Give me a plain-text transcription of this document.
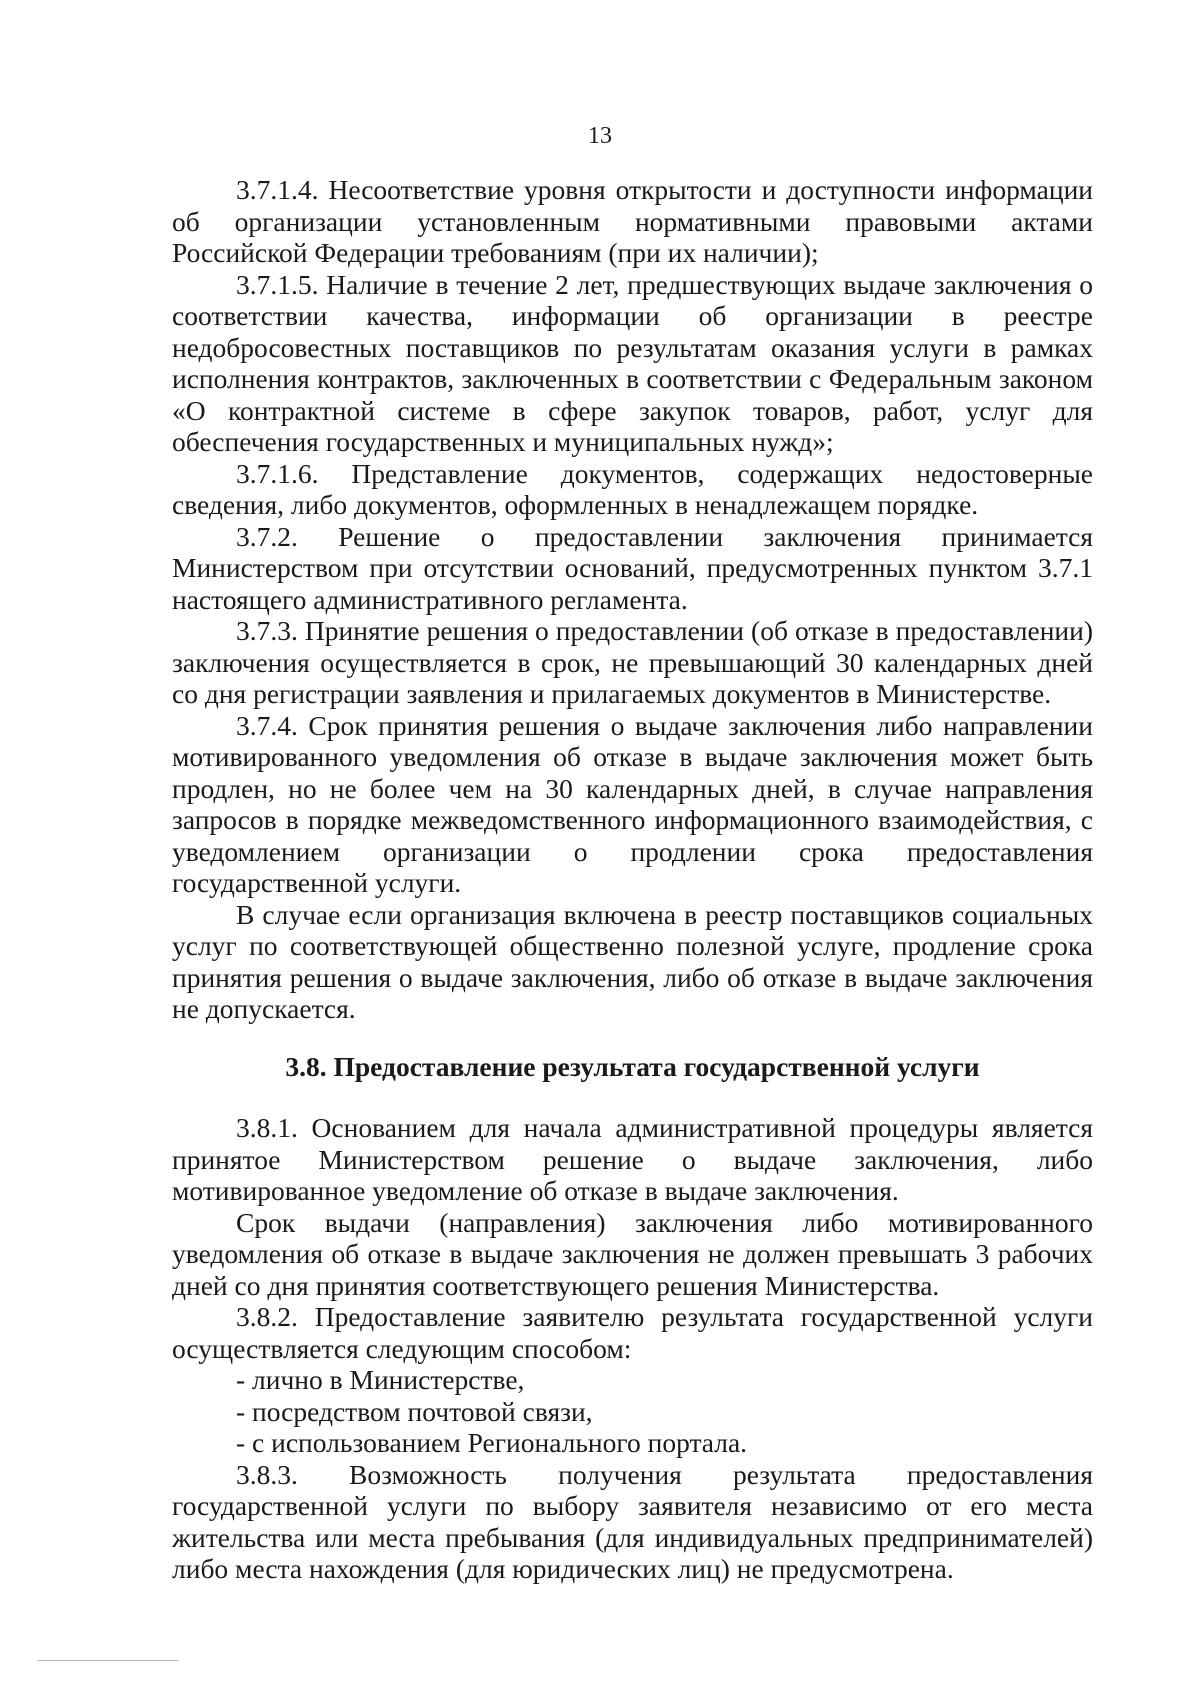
13

3.7.1.4. Несоответствие уровня открытости и доступности информации об организации установленным нормативными правовыми актами Российской Федерации требованиям (при их наличии);

3.7.1.5. Наличие в течение 2 лет, предшествующих выдаче заключения о соответствии качества, информации об организации в реестре недобросовестных поставщиков по результатам оказания услуги в рамках исполнения контрактов, заключенных в соответствии с Федеральным законом «О контрактной системе в сфере закупок товаров, работ, услуг для обеспечения государственных и муниципальных нужд»;

3.7.1.6. Представление документов, содержащих недостоверные сведения, либо документов, оформленных в ненадлежащем порядке.

3.7.2. Решение о предоставлении заключения принимается Министерством при отсутствии оснований, предусмотренных пунктом 3.7.1 настоящего административного регламента.

3.7.3. Принятие решения о предоставлении (об отказе в предоставлении) заключения осуществляется в срок, не превышающий 30 календарных дней со дня регистрации заявления и прилагаемых документов в Министерстве.

3.7.4. Срок принятия решения о выдаче заключения либо направлении мотивированного уведомления об отказе в выдаче заключения может быть продлен, но не более чем на 30 календарных дней, в случае направления запросов в порядке межведомственного информационного взаимодействия, с уведомлением организации о продлении срока предоставления государственной услуги.

В случае если организация включена в реестр поставщиков социальных услуг по соответствующей общественно полезной услуге, продление срока принятия решения о выдаче заключения, либо об отказе в выдаче заключения не допускается.

3.8. Предоставление результата государственной услуги

3.8.1. Основанием для начала административной процедуры является принятое Министерством решение о выдаче заключения, либо мотивированное уведомление об отказе в выдаче заключения.

Срок выдачи (направления) заключения либо мотивированного уведомления об отказе в выдаче заключения не должен превышать 3 рабочих дней со дня принятия соответствующего решения Министерства.

3.8.2. Предоставление заявителю результата государственной услуги осуществляется следующим способом:

- лично в Министерстве,

- посредством почтовой связи,

- с использованием Регионального портала.

3.8.3. Возможность получения результата предоставления государственной услуги по выбору заявителя независимо от его места жительства или места пребывания (для индивидуальных предпринимателей) либо места нахождения (для юридических лиц) не предусмотрена.
